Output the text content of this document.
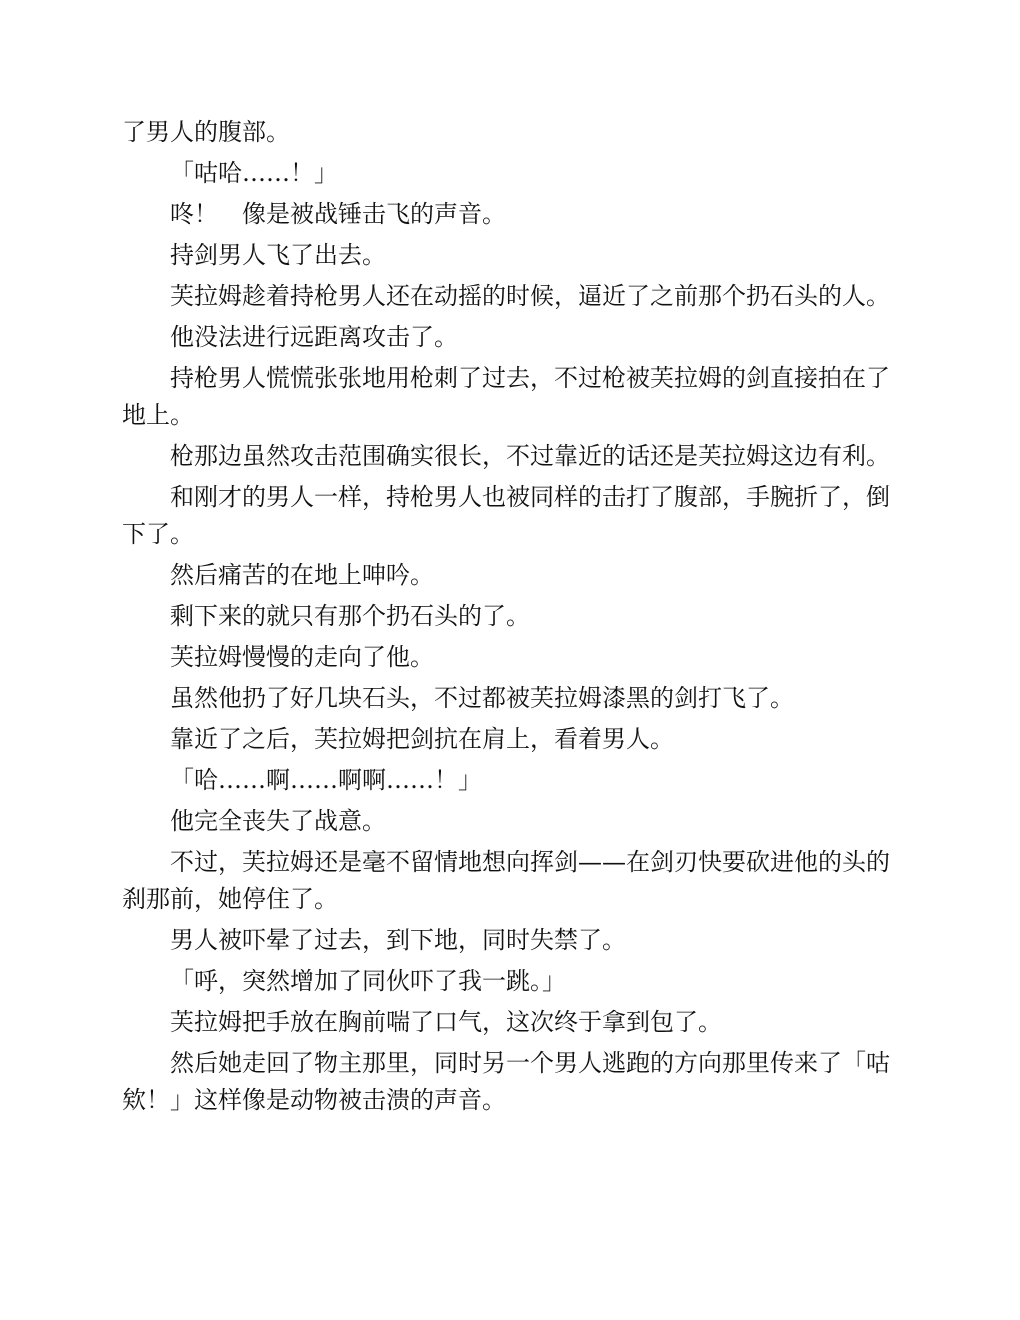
了男人的腹部。

「咕哈……！」

咚！　像是被战锤击飞的声音。

持剑男人飞了出去。

芙拉姆趁着持枪男人还在动摇的时候，逼近了之前那个扔石头的人。

他没法进行远距离攻击了。

持枪男人慌慌张张地用枪刺了过去，不过枪被芙拉姆的剑直接拍在了地上。

枪那边虽然攻击范围确实很长，不过靠近的话还是芙拉姆这边有利。

和刚才的男人一样，持枪男人也被同样的击打了腹部，手腕折了，倒下了。

然后痛苦的在地上呻吟。

剩下来的就只有那个扔石头的了。

芙拉姆慢慢的走向了他。

虽然他扔了好几块石头，不过都被芙拉姆漆黑的剑打飞了。

靠近了之后，芙拉姆把剑抗在肩上，看着男人。

「哈……啊……啊啊……！」

他完全丧失了战意。

不过，芙拉姆还是毫不留情地想向挥剑——在剑刃快要砍进他的头的刹那前，她停住了。

男人被吓晕了过去，到下地，同时失禁了。

「呼，突然增加了同伙吓了我一跳。」

芙拉姆把手放在胸前喘了口气，这次终于拿到包了。

然后她走回了物主那里，同时另一个男人逃跑的方向那里传来了「咕欸！」这样像是动物被击溃的声音。
